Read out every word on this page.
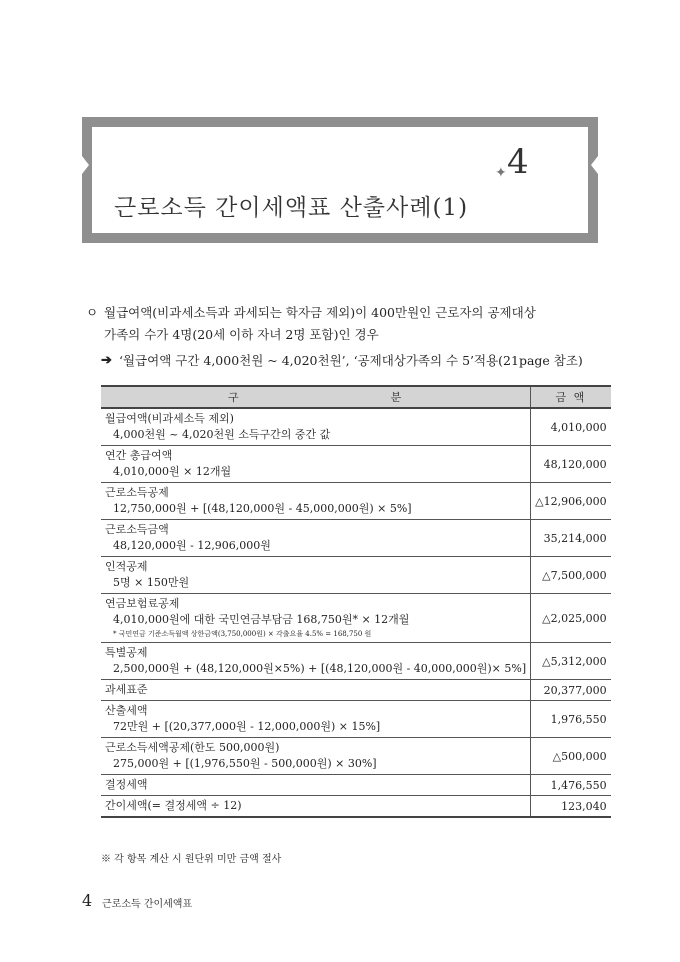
✦ 4
근로소득 간이세액표 산출사례(1)
ㅇ 월급여액(비과세소득과 과세되는 학자금 제외)이 400만원인 근로자의 공제대상
가족의 수가 4명(20세 이하 자녀 2명 포함)인 경우
➔ ‘월급여액 구간 4,000천원 ~ 4,020천원’, ‘공제대상가족의 수 5’적용(21page 참조)
구 분	금 액

월급여액(비과세소득 제외)
4,000천원 ~ 4,020천원 소득구간의 중간 값	4,010,000

연간 총급여액
4,010,000원 × 12개월	48,120,000

근로소득공제
12,750,000원 + [(48,120,000원 - 45,000,000원) × 5%]	△12,906,000

근로소득금액
48,120,000원 - 12,906,000원	35,214,000

인적공제
5명 × 150만원	△7,500,000

연금보험료공제
4,010,000원에 대한 국민연금부담금 168,750원* × 12개월
* 국민연금 기준소득월액 상한금액(3,750,000원) × 각출요율 4.5% = 168,750 원	△2,025,000

특별공제
2,500,000원 + (48,120,000원×5%) + [(48,120,000원 - 40,000,000원)× 5%]	△5,312,000

과세표준	20,377,000

산출세액
72만원 + [(20,377,000원 - 12,000,000원) × 15%]	1,976,550

근로소득세액공제(한도 500,000원)
275,000원 + [(1,976,550원 - 500,000원) × 30%]	△500,000

결정세액	1,476,550

간이세액(= 결정세액 ÷ 12)	123,040
※ 각 항목 계산 시 원단위 미만 금액 절사
4 근로소득 간이세액표
